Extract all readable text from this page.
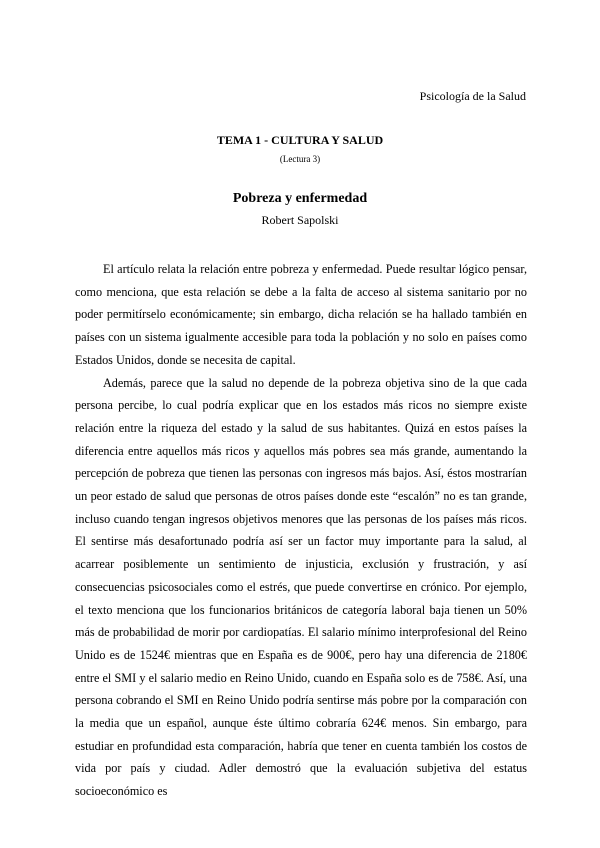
Psicología de la Salud
TEMA 1 - CULTURA Y SALUD
(Lectura 3)
Pobreza y enfermedad
Robert Sapolski

El artículo relata la relación entre pobreza y enfermedad. Puede resultar lógico pensar, como menciona, que esta relación se debe a la falta de acceso al sistema sanitario por no poder permitírselo económicamente; sin embargo, dicha relación se ha hallado también en países con un sistema igualmente accesible para toda la población y no solo en países como Estados Unidos, donde se necesita de capital.

Además, parece que la salud no depende de la pobreza objetiva sino de la que cada persona percibe, lo cual podría explicar que en los estados más ricos no siempre existe relación entre la riqueza del estado y la salud de sus habitantes. Quizá en estos países la diferencia entre aquellos más ricos y aquellos más pobres sea más grande, aumentando la percepción de pobreza que tienen las personas con ingresos más bajos. Así, éstos mostrarían un peor estado de salud que personas de otros países donde este “escalón” no es tan grande, incluso cuando tengan ingresos objetivos menores que las personas de los países más ricos. El sentirse más desafortunado podría así ser un factor muy importante para la salud, al acarrear posiblemente un sentimiento de injusticia, exclusión y frustración, y así consecuencias psicosociales como el estrés, que puede convertirse en crónico. Por ejemplo, el texto menciona que los funcionarios británicos de categoría laboral baja tienen un 50% más de probabilidad de morir por cardiopatías. El salario mínimo interprofesional del Reino Unido es de 1524€ mientras que en España es de 900€, pero hay una diferencia de 2180€ entre el SMI y el salario medio en Reino Unido, cuando en España solo es de 758€. Así, una persona cobrando el SMI en Reino Unido podría sentirse más pobre por la comparación con la media que un español, aunque éste último cobraría 624€ menos. Sin embargo, para estudiar en profundidad esta comparación, habría que tener en cuenta también los costos de vida por país y ciudad. Adler demostró que la evaluación subjetiva del estatus socioeconómico es
